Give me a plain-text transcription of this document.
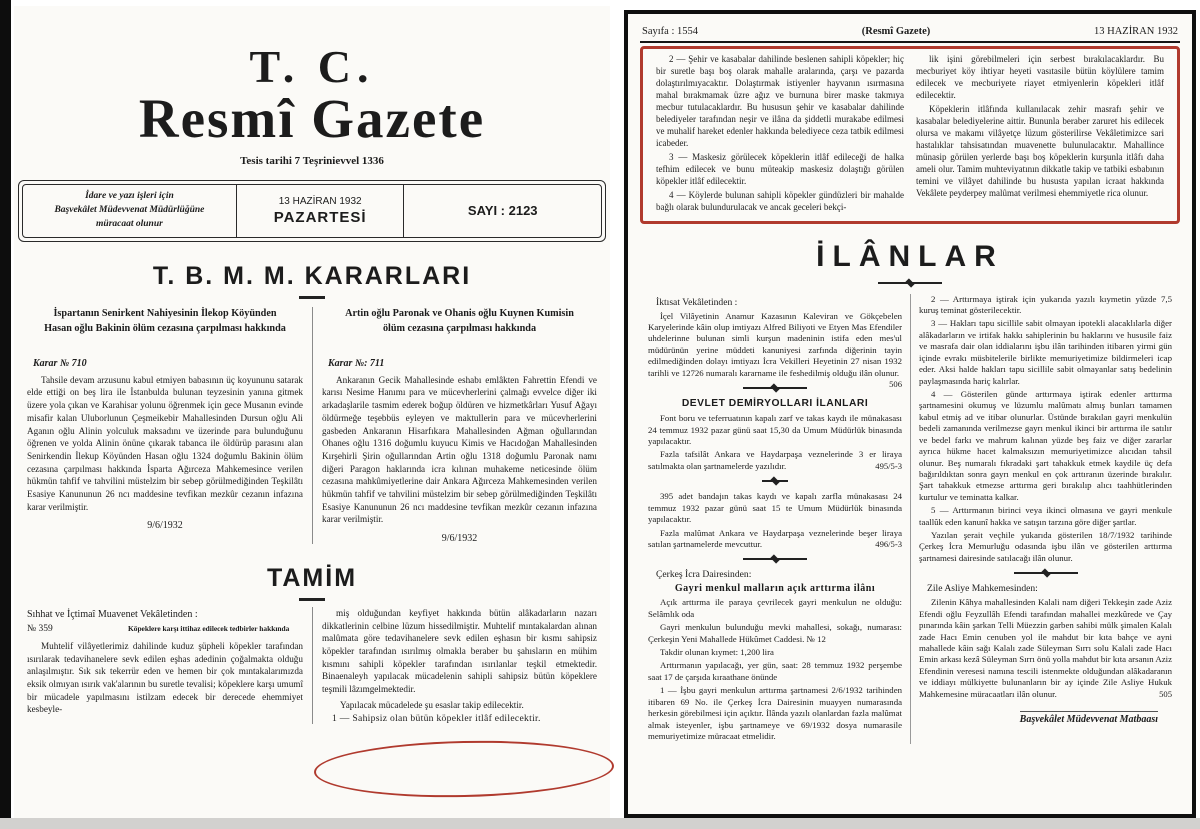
T. C.
Resmî Gazete
Tesis tarihi 7 Teşrinievvel 1336
İdare ve yazı işleri için
Başvekâlet Müdevvenat Müdürlüğüne
müracaat olunur
13 HAZİRAN 1932
PAZARTESİ	SAYI : 2123
T. B. M. M. KARARLARI
İspartanın Senirkent Nahiyesinin İlekop Köyünden Hasan oğlu Bakinin ölüm cezasına çarpılması hakkında
Karar № 710

Tahsile devam arzusunu kabul etmiyen babasının üç koyununu satarak elde ettiği on beş lira ile İstanbulda bulunan teyzesinin yanına gitmek üzere yola çıkan ve Karahisar yolunu öğrenmek için gece Musanın evinde misafir kalan Uluborlunun Çeşmeikebir Mahallesinden Dursun oğlu Ali Aganın oğlu Alinin yolculuk maksadını ve üzerinde para bulunduğunu öğrenen ve yolda Alinin önüne çıkarak tabanca ile öldürüp parasını alan Senirkendin İlekup Köyünden Hasan oğlu 1324 doğumlu Bakinin ölüm cezasına çarpılması hakkında İsparta Ağırceza Mahkemesince verilen hükmün tahfif ve tahvilini müstelzim bir sebep görülmediğinden Teşkilâtı Esasiye Kanununun 26 ncı maddesine tevfikan mezkûr cezanın infazına karar verilmiştir.

9/6/1932
Artin oğlu Paronak ve Ohanis oğlu Kuynen Kumisin ölüm cezasına çarpılması hakkında
Karar №: 711

Ankaranın Gecik Mahallesinde eshabı emlâkten Fahrettin Efendi ve karısı Nesime Hanımı para ve mücevherlerini çalmağı evvelce diğer iki arkadaşlarile tasmim ederek boğup öldüren ve hizmetkârları Yusuf Ağayı öldürmeğe teşebbüs eyleyen ve maktullerin para ve mücevherlerini gasbeden Ankaranın Hisarfıkara Mahallesinden Ağman oğullarından Ohanes oğlu 1316 doğumlu kuyucu Kimis ve Hacıdoğan Mahallesinden Kırşehirli Şirin oğullarından Artin oğlu 1318 doğumlu Paronak namı diğeri Paragon haklarında icra kılınan muhakeme neticesinde ölüm cezasına mahkûmiyetlerine dair Ankara Ağırceza Mahkemesinden verilen hükmün tahfif ve tahvilini müstelzim bir sebep görülmediğinden Teşkilâtı Esasiye Kanununun 26 ncı maddesine tevfikan mezkûr cezanın infazına karar verilmiştir.

9/6/1932
TAMİM
Sıhhat ve İçtimaî Muavenet Vekâletinden :
№ 359	Köpeklere karşı ittihaz edilecek tedbirler hakkında

Muhtelif vilâyetlerimiz dahilinde kuduz şüpheli köpekler tarafından ısırılarak tedavihanelere sevk edilen eşhas adedinin çoğalmakta olduğu anlaşılmıştır. Sık sık tekerrür eden ve hemen bir çok mıntakalarımızda eksik olmıyan ısırık vak'alarının bu suretle tevalisi; köpeklere karşı umumî bir mücadele yapılmasını istilzam edecek bir derecede ehemmiyet kesbeyle-

miş olduğundan keyfiyet hakkında bütün alâkadarların nazarı dikkatlerinin celbine lüzum hissedilmiştir. Muhtelif mıntakalardan alınan malûmata göre tedavihanelere sevk edilen eşhasın bir kısmı sahipsiz köpekler tarafından ısırılmış olmakla beraber bu şahısların en mühim kısmını sahipli köpekler tarafından ısırılanlar teşkil etmektedir. Binaenaleyh yapılacak mücadelenin sahipli sahipsiz bütün köpeklere teşmili lâzımgelmektedir.

Yapılacak mücadelede şu esaslar takip edilecektir.
1 — Sahipsiz olan bütün köpekler itlâf edilecektir.
Sayıfa : 1554	(Resmî Gazete)	13 HAZİRAN 1932

2 — Şehir ve kasabalar dahilinde beslenen sahipli köpekler; hiç bir suretle başı boş olarak mahalle aralarında, çarşı ve pazarda dolaştırılmıyacaktır. Dolaştırmak istiyenler hayvanın ısırmasına mahal bırakmamak üzre ağız ve burnuna birer maske takmıya mecbur tutulacaklardır. Bu hususun şehir ve kasabalar dahilinde belediyeler tarafından neşir ve ilâna da şiddetli murakabe edilmesi ve muhalif hareket edenler hakkında belediyece ceza tatbik edilmesi icabeder.

3 — Maskesiz görülecek köpeklerin itlâf edileceği de halka tefhim edilecek ve bunu müteakip maskesiz dolaştığı görülen köpekler itlâf edilecektir.

4 — Köylerde bulunan sahipli köpekler gündüzleri bir mahalde bağlı olarak bulundurulacak ve ancak geceleri bekçi-

lik işini görebilmeleri için serbest bırakılacaklardır. Bu mecburiyet köy ihtiyar heyeti vasıtasile bütün köylülere tamim edilecek ve mecburiyete riayet etmiyenlerin köpekleri itlâf edilecektir.

Köpeklerin itlâfında kullanılacak zehir masrafı şehir ve kasabalar belediyelerine aittir. Bununla beraber zaruret his edilecek olursa ve makamı vilâyetçe lüzum gösterilirse Vekâletimizce sari hastalıklar tahsisatından muavenette bulunulacaktır. Mahallince münasip görülen yerlerde başı boş köpeklerin kurşunla itlâfı daha ameli olur. Tamim muhteviyatının dikkatle takip ve tatbiki esbabının temini ve vilâyet dahilinde bu hususta yapılan icraat hakkında Vekâlete peyderpey malûmat verilmesi ehemmiyetle rica olunur.

İLÂNLAR
İktısat Vekâletinden :

İçel Vilâyetinin Anamur Kazasının Kaleviran ve Gökçebelen Karyelerinde kâin olup imtiyazı Alfred Biliyoti ve Etyen Mas Efendiler uhdelerinne bulunan simli kurşun madeninin istifa eden mes'ul müdürünün yerine müddeti kanuniyesi zarfında diğerinin tayin edilmediğinden dolayı imtiyazı İcra Vekilleri Heyetinin 27 nisan 1932 tarihli ve 12726 numaralı kararname ile feshedilmiş olduğu ilân olunur.
506

DEVLET DEMİRYOLLARI İLANLARI

Font boru ve teferruatının kapalı zarf ve takas kaydı ile münakasası 24 temmuz 1932 pazar günü saat 15,30 da Umum Müdürlük binasında yapılacaktır.

Fazla tafsilât Ankara ve Haydarpaşa veznelerinde 3 er liraya satılmakta olan şartnamelerde yazılıdır.	495/5-3

395 adet bandajın takas kaydı ve kapalı zarfla münakasası 24 temmuz 1932 pazar günü saat 15 te Umum Müdürlük binasında yapılacaktır.

Fazla malûmat Ankara ve Haydarpaşa veznelerinde beşer liraya satılan şartnamelerde mevcuttur.	496/5-3

Çerkeş İcra Dairesinden:
Gayri menkul malların açık arttırma ilânı

Açık arttırma ile paraya çevrilecek gayri menkulun ne olduğu: Selâmlık oda

Gayri menkulun bulunduğu mevki mahallesi, sokağı, numarası: Çerkeşin Yeni Mahallede Hükûmet Caddesi. № 12

Takdir olunan kıymet: 1,200 lira

Arttırmanın yapılacağı, yer gün, saat: 28 temmuz 1932 perşembe saat 17 de çarşıda kıraathane önünde

1 — İşbu gayri menkulun arttırma şartnamesi 2/6/1932 tarihinden itibaren 69 No. ile Çerkeş İcra Dairesinin muayyen numarasında herkesin görebilmesi için açıktır. İlânda yazılı olanlardan fazla malûmat almak isteyenler, işbu şartnameye ve 69/1932 dosya numarasile memuriyetimize müracaat etmelidir.

2 — Arttırmaya iştirak için yukarıda yazılı kıymetin yüzde 7,5 kuruş teminat gösterilecektir.

3 — Hakları tapu sicillile sabit olmayan ipotekli alacaklılarla diğer alâkadarların ve irtifak hakkı sahiplerinin bu haklarını ve hususile faiz ve masrafa dair olan iddialarını işbu ilân tarihinden itibaren yirmi gün içinde evrakı müsbitelerile birlikte memuriyetimize bildirmeleri icap eder. Aksi halde hakları tapu sicillile sabit olmayanlar satış bedelinin paylaşmasında hariç kalırlar.

4 — Gösterilen günde arttırmaya iştirak edenler arttırma şartnamesini okumuş ve lüzumlu malûmatı almış bunları tamamen kabul etmiş ad ve itibar olunurlar. Üstünde bırakılan gayri menkulün bedeli zamanında verilmezse gayrı menkul ikinci bir arttırma ile satılır ve bedel farkı ve mahrum kalınan yüzde beş faiz ve diğer zararlar ayrıca hükme hacet kalmaksızın memuriyetimizce alıcıdan tahsil olunur. Beş numaralı fıkradaki şart tahakkuk etmek kaydile üç defa bağırıldıktan sonra gayrı menkul en çok arttıranın üzerinde bırakılır. Şart tahakkuk etmezse arttırma geri bırakılıp alıcı taahhütlerinden kurtulur ve teminatta kalkar.

5 — Arttırmanın birinci veya ikinci olmasına ve gayri menkule taallûk eden kanunî hakka ve satışın tarzına göre diğer şartlar.

Yazılan şerait veçhile yukarıda gösterilen 18/7/1932 tarihinde Çerkeş İcra Memurluğu odasında işbu ilân ve gösterilen arttırma şartnamesi dairesinde satılacağı ilân olunur.

Zile Asliye Mahkemesinden:

Zilenin Kâhya mahallesinden Kalali nam diğeri Tekkeşin zade Aziz Efendi oğlu Feyzullâh Efendi tarafından mahallei mezkûrede ve Çay pınarında kâin şarkan Telli Müezzin garben sahibi mülk şimalen Kalalı zade Hacı Emin cenuben yol ile mahdut bir kıta bahçe ve ayni mahallede kâin sağı Kalalı zade Süleyman Sırrı solu Kalali zade Hacı Emin arkası kezâ Süleyman Sırrı önü yolla mahdut bir kıta arsanın Aziz Efendinin veresesi namına tescili istenmekte olduğundan alâkadaranın ve iddiayı mülkiyette bulunanların bir ay içinde Zile Asliye Hukuk Mahkemesine müracaatları ilân olunur.	505

Başvekâlet Müdevvenat Matbaası
